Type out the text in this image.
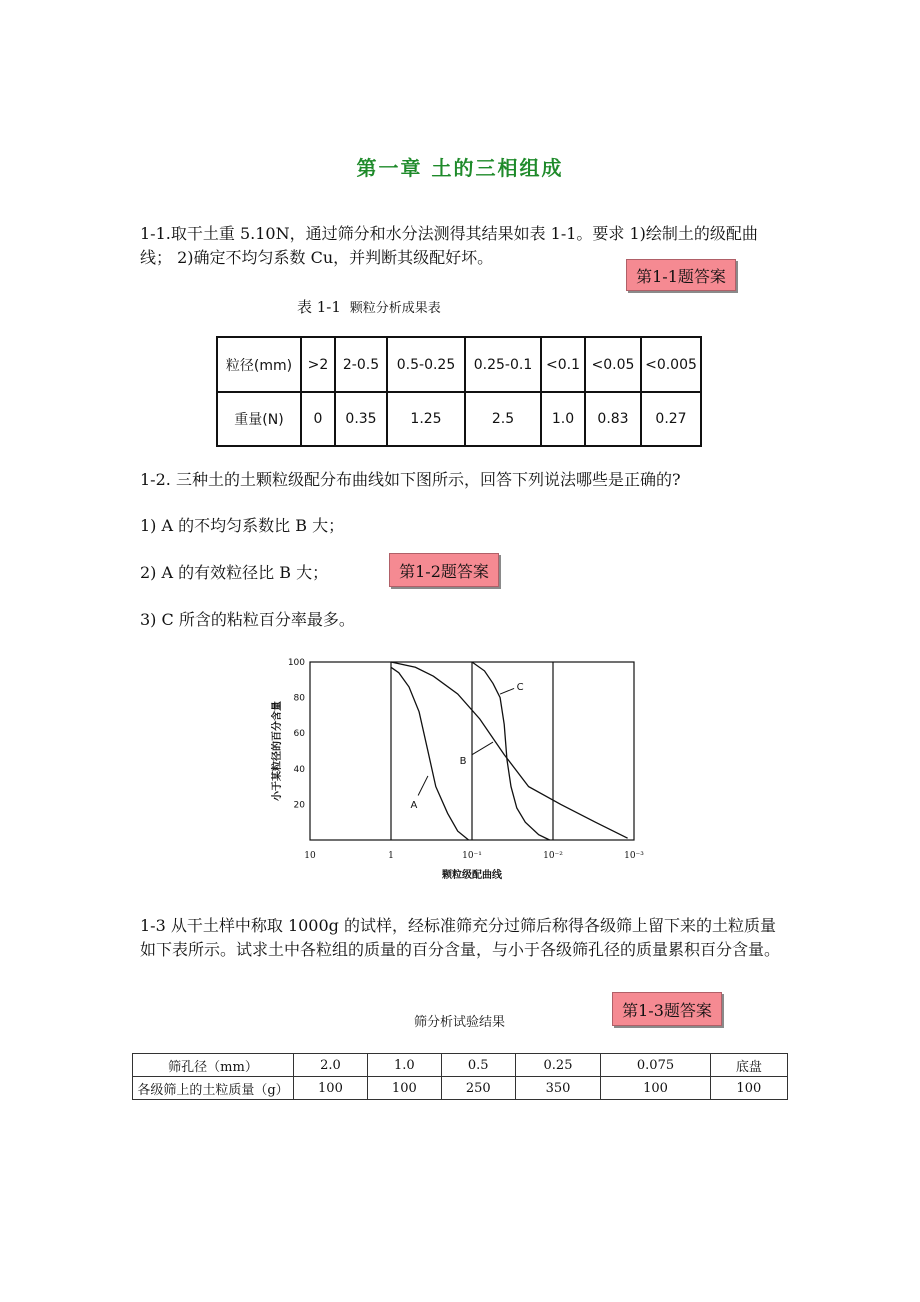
第一章 土的三相组成
1-1.取干土重 5.10N，通过筛分和水分法测得其结果如表 1-1。要求 1)绘制土的级配曲线； 2)确定不均匀系数 Cu，并判断其级配好坏。
第1-1题答案
表 1-1 颗粒分析成果表
粒径(mm)	>2	2-0.5	0.5-0.25	0.25-0.1	<0.1	<0.05	<0.005
重量(N)	0	0.35	1.25	2.5	1.0	0.83	0.27
1-2. 三种土的土颗粒级配分布曲线如下图所示，回答下列说法哪些是正确的?
1) A 的不均匀系数比 B 大；
2) A 的有效粒径比 B 大；	第1-2题答案
3) C 所含的粘粒百分率最多。
10	1	10⁻¹	10⁻²	10⁻³
20
40
60
80
100
A
B
C
颗粒级配曲线
小于某粒径的百分含量
1-3 从干土样中称取 1000g 的试样，经标准筛充分过筛后称得各级筛上留下来的土粒质量如下表所示。试求土中各粒组的质量的百分含量，与小于各级筛孔径的质量累积百分含量。
筛分析试验结果
第1-3题答案
筛孔径（mm）	2.0	1.0	0.5	0.25	0.075	底盘
各级筛上的土粒质量（g）	100	100	250	350	100	100
